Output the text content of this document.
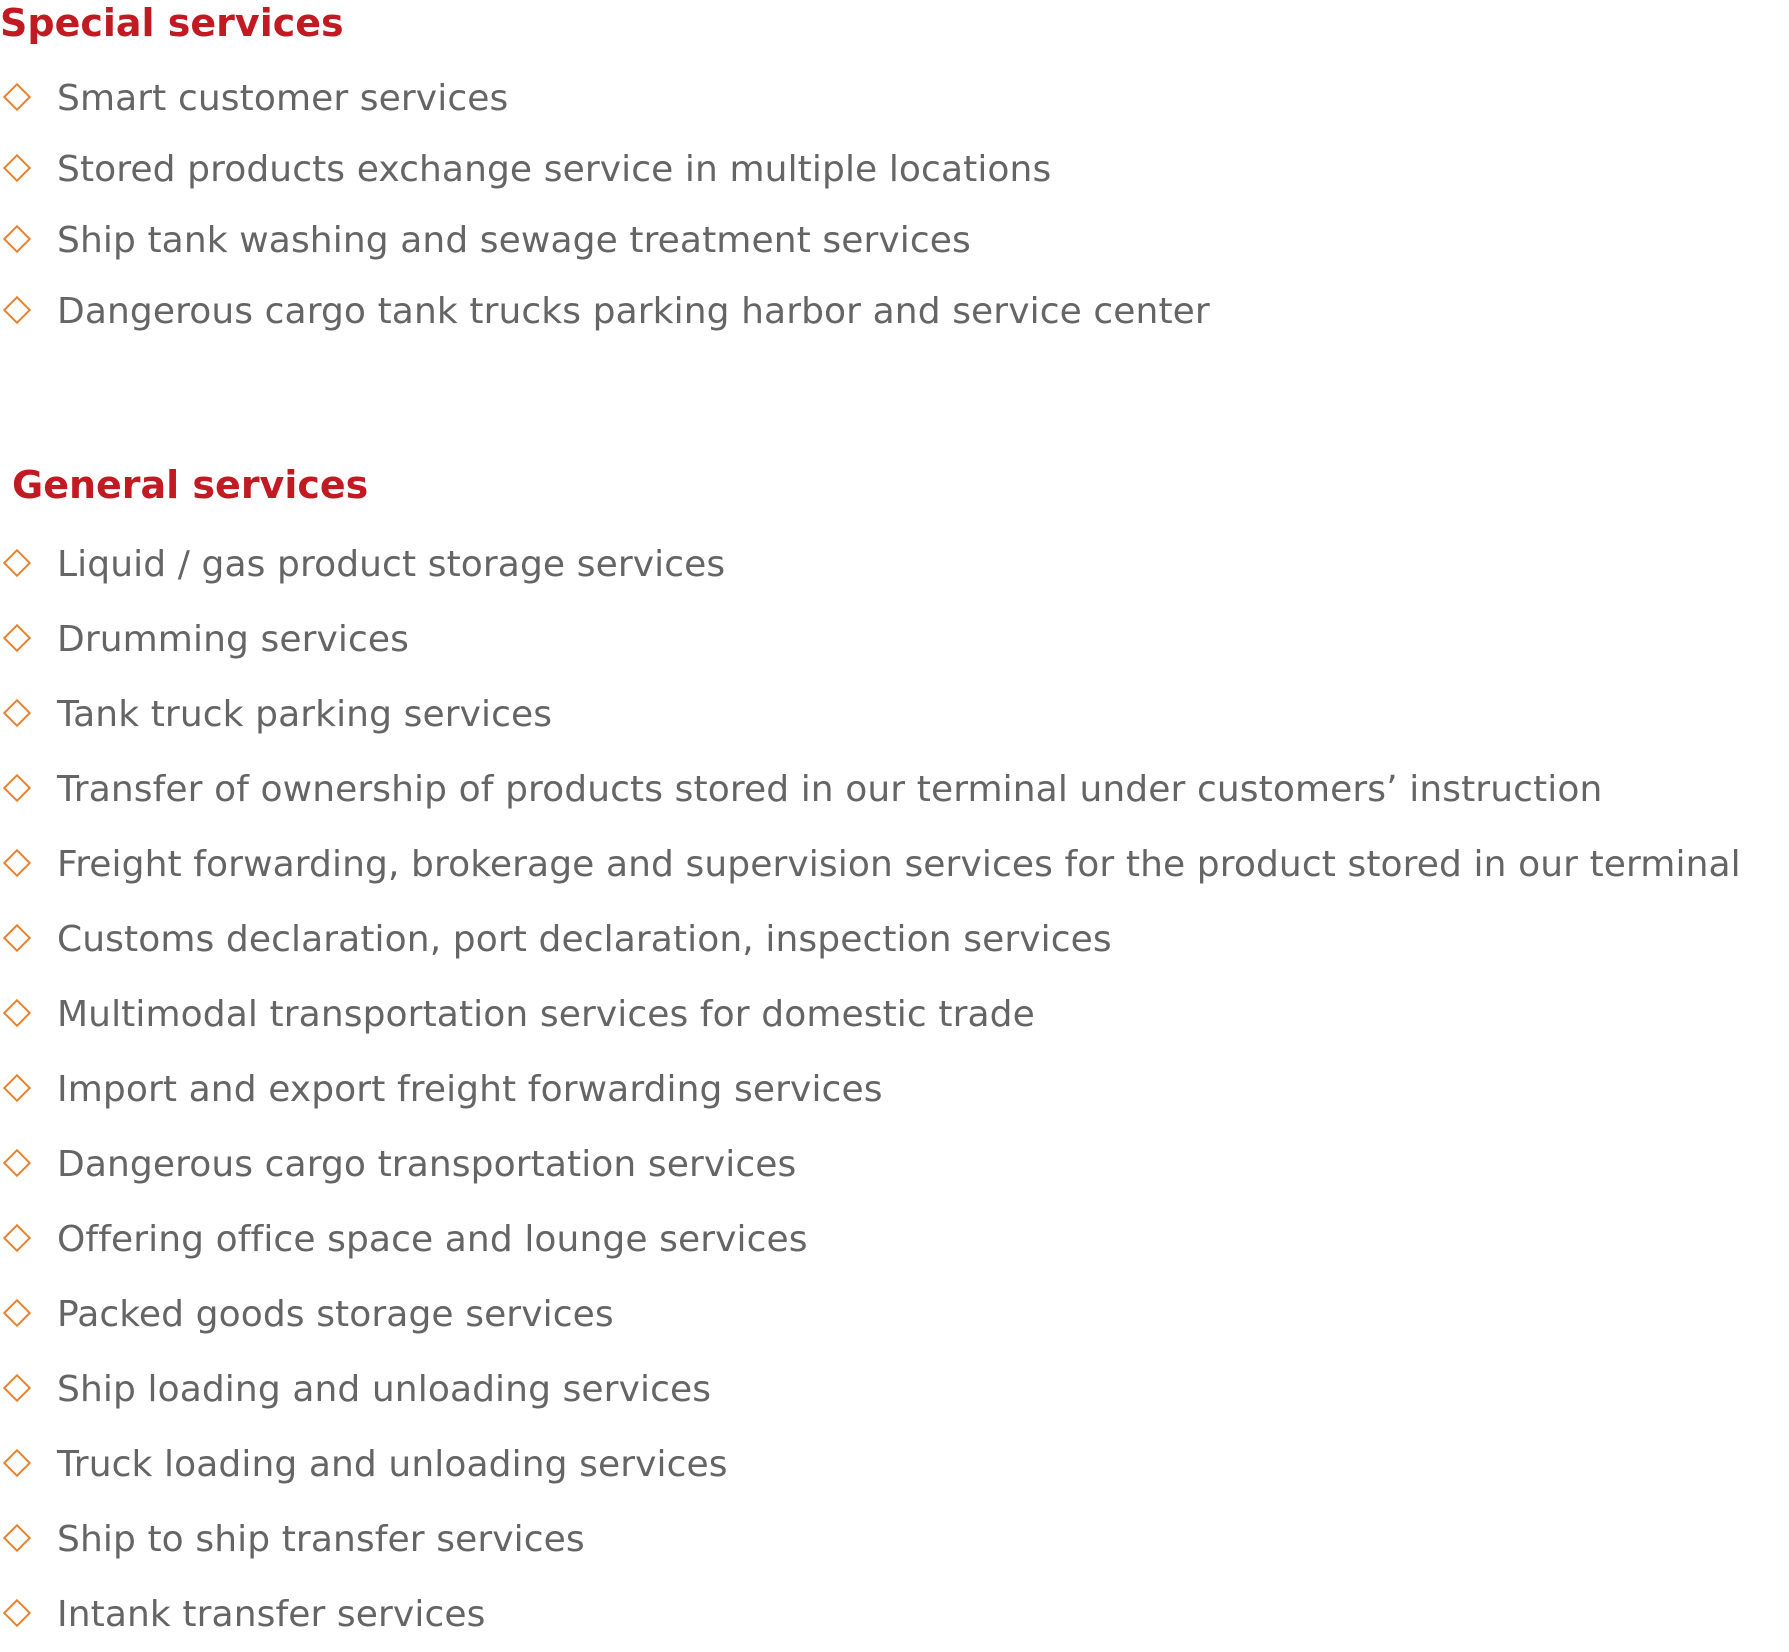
Special services
Smart customer services
Stored products exchange service in multiple locations
Ship tank washing and sewage treatment services
Dangerous cargo tank trucks parking harbor and service center
General services
Liquid / gas product storage services
Drumming services
Tank truck parking services
Transfer of ownership of products stored in our terminal under customers’ instruction
Freight forwarding, brokerage and supervision services for the product stored in our terminal
Customs declaration, port declaration, inspection services
Multimodal transportation services for domestic trade
Import and export freight forwarding services
Dangerous cargo transportation services
Offering office space and lounge services
Packed goods storage services
Ship loading and unloading services
Truck loading and unloading services
Ship to ship transfer services
Intank transfer services
